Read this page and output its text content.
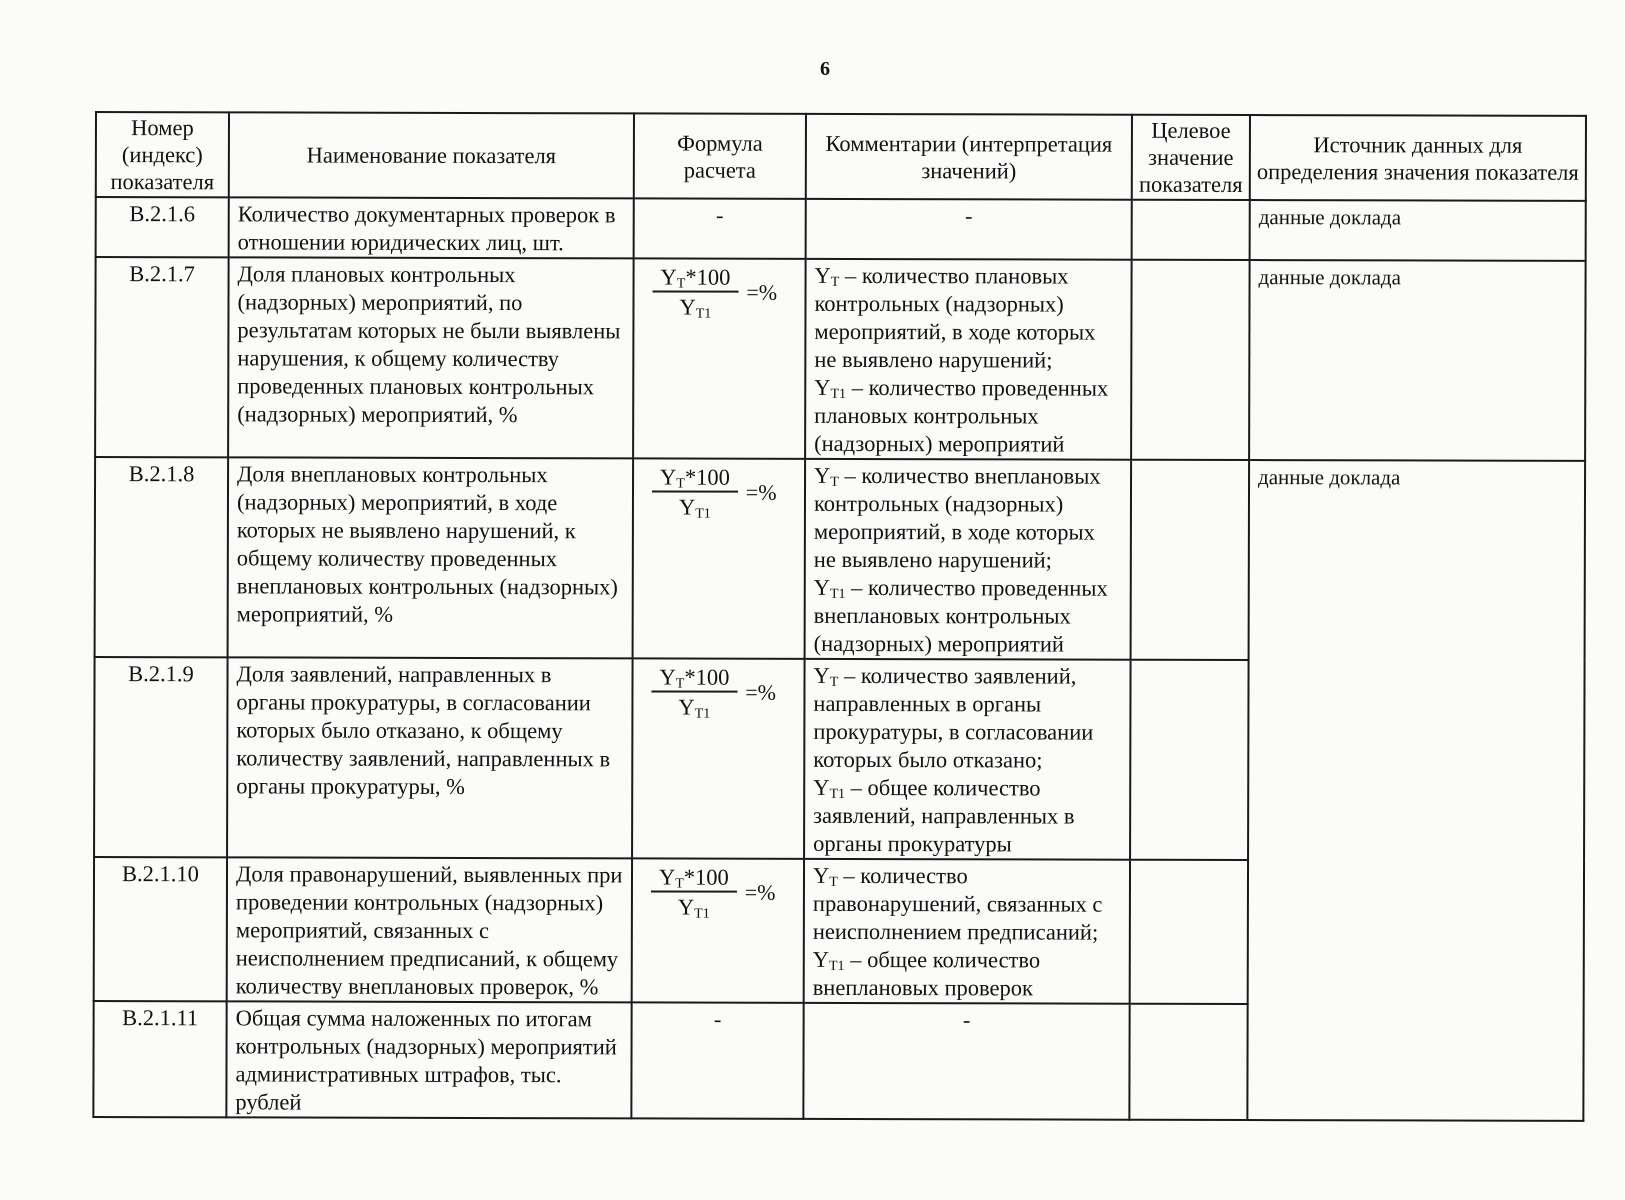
6
Номер (индекс) показателя	Наименование показателя	Формула расчета	Комментарии (интерпретация значений)	Целевое значение показателя	Источник данных для определения значения показателя
В.2.1.6	Количество документарных проверок в отношении юридических лиц, шт.	-	-		данные доклада
В.2.1.7	Доля плановых контрольных (надзорных) мероприятий, по результатам которых не были выявлены нарушения, к общему количеству проведенных плановых контрольных (надзорных) мероприятий, %	$\frac{Y_T*100}{Y_{T1}}$ =%	$Y_T$ – количество плановых контрольных (надзорных) мероприятий, в ходе которых не выявлено нарушений;
$Y_{T1}$ – количество проведенных плановых контрольных (надзорных) мероприятий		данные доклада
В.2.1.8	Доля внеплановых контрольных (надзорных) мероприятий, в ходе которых не выявлено нарушений, к общему количеству проведенных внеплановых контрольных (надзорных) мероприятий, %	$\frac{Y_T*100}{Y_{T1}}$ =%	$Y_T$ – количество внеплановых контрольных (надзорных) мероприятий, в ходе которых не выявлено нарушений;
$Y_{T1}$ – количество проведенных внеплановых контрольных (надзорных) мероприятий		данные доклада
В.2.1.9	Доля заявлений, направленных в органы прокуратуры, в согласовании которых было отказано, к общему количеству заявлений, направленных в органы прокуратуры, %	$\frac{Y_T*100}{Y_{T1}}$ =%	$Y_T$ – количество заявлений, направленных в органы прокуратуры, в согласовании которых было отказано;
$Y_{T1}$ – общее количество заявлений, направленных в органы прокуратуры		

В.2.1.10	Доля правонарушений, выявленных при проведении контрольных (надзорных) мероприятий, связанных с неисполнением предписаний, к общему количеству внеплановых проверок, %	$\frac{Y_T*100}{Y_{T1}}$ =%	$Y_T$ – количество правонарушений, связанных с неисполнением предписаний;
$Y_{T1}$ – общее количество внеплановых проверок		

В.2.1.11	Общая сумма наложенных по итогам контрольных (надзорных) мероприятий административных штрафов, тыс. рублей	-	-		
